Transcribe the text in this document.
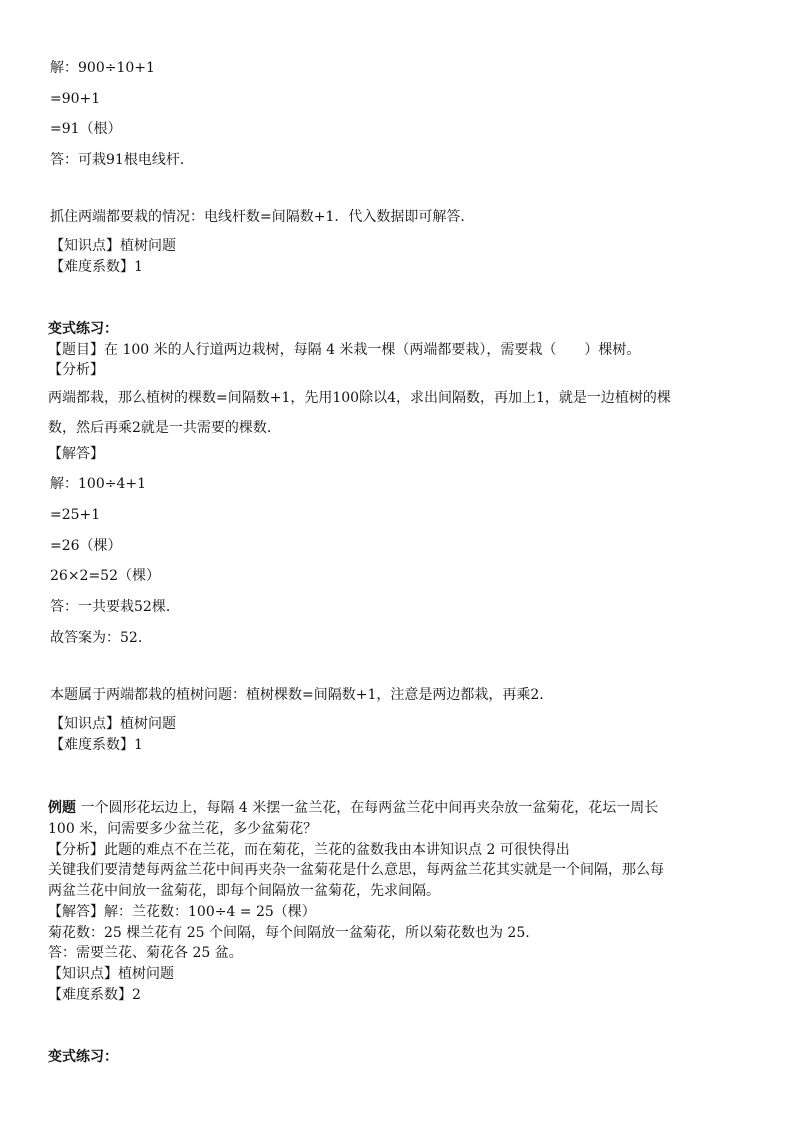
解：900÷10+1
=90+1
=91（根）
答：可栽91根电线杆．
抓住两端都要栽的情况：电线杆数=间隔数+1．代入数据即可解答．
【知识点】植树问题
【难度系数】1
变式练习：
【题目】在 100 米的人行道两边栽树，每隔 4 米栽一棵（两端都要栽），需要栽（　　）棵树。
【分析】
两端都栽，那么植树的棵数=间隔数+1，先用100除以4，求出间隔数，再加上1，就是一边植树的棵
数，然后再乘2就是一共需要的棵数．
【解答】
解：100÷4+1
=25+1
=26（棵）
26×2=52（棵）
答：一共要栽52棵．
故答案为：52．
本题属于两端都栽的植树问题：植树棵数=间隔数+1，注意是两边都栽，再乘2．
【知识点】植树问题
【难度系数】1
例题 一个圆形花坛边上，每隔 4 米摆一盆兰花，在每两盆兰花中间再夹杂放一盆菊花，花坛一周长
100 米，问需要多少盆兰花，多少盆菊花？
【分析】此题的难点不在兰花，而在菊花，兰花的盆数我由本讲知识点 2 可很快得出
关键我们要清楚每两盆兰花中间再夹杂一盆菊花是什么意思，每两盆兰花其实就是一个间隔，那么每
两盆兰花中间放一盆菊花，即每个间隔放一盆菊花，先求间隔。
【解答】解：兰花数：100÷4 = 25（棵）
菊花数：25 棵兰花有 25 个间隔，每个间隔放一盆菊花，所以菊花数也为 25.
答：需要兰花、菊花各 25 盆。
【知识点】植树问题
【难度系数】2
变式练习：
